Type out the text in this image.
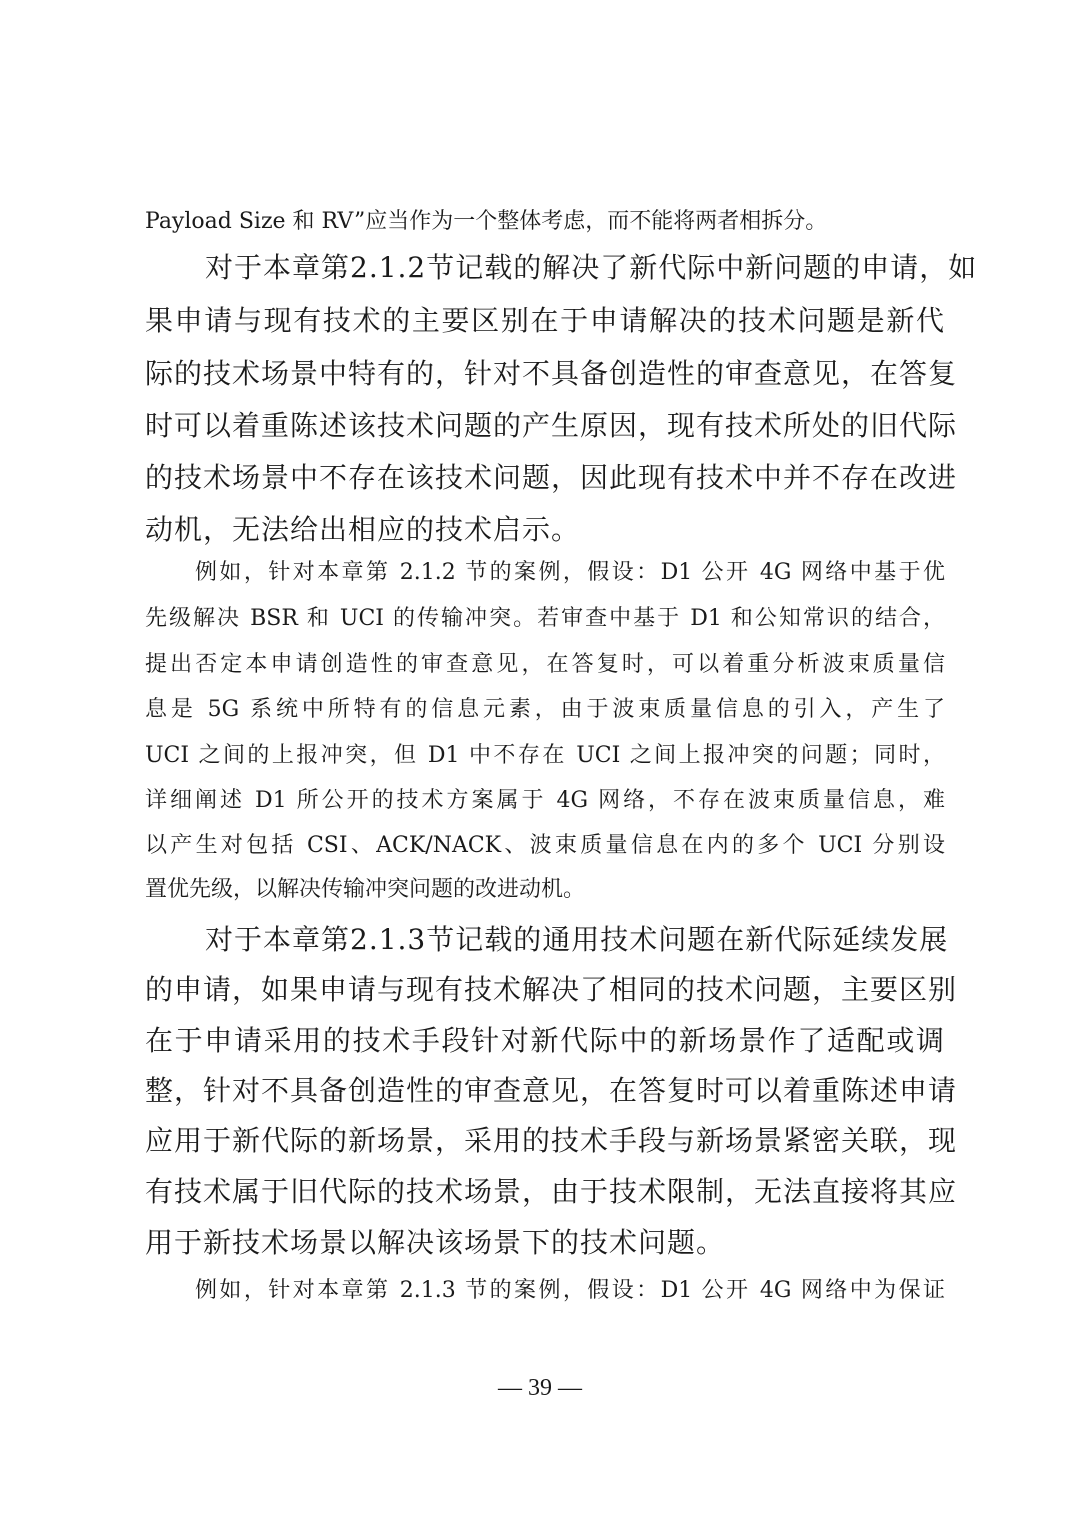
Payload Size 和 RV”应当作为一个整体考虑，而不能将两者相拆分。
对于本章第2.1.2节记载的解决了新代际中新问题的申请，如
果申请与现有技术的主要区别在于申请解决的技术问题是新代
际的技术场景中特有的，针对不具备创造性的审查意见，在答复
时可以着重陈述该技术问题的产生原因，现有技术所处的旧代际
的技术场景中不存在该技术问题，因此现有技术中并不存在改进
动机，无法给出相应的技术启示。
例如，针对本章第 2.1.2 节的案例，假设：D1 公开 4G 网络中基于优
先级解决 BSR 和 UCI 的传输冲突。若审查中基于 D1 和公知常识的结合，
提出否定本申请创造性的审查意见，在答复时，可以着重分析波束质量信
息是 5G 系统中所特有的信息元素，由于波束质量信息的引入，产生了
UCI 之间的上报冲突，但 D1 中不存在 UCI 之间上报冲突的问题；同时，
详细阐述 D1 所公开的技术方案属于 4G 网络，不存在波束质量信息，难
以产生对包括 CSI、ACK/NACK、波束质量信息在内的多个 UCI 分别设
置优先级，以解决传输冲突问题的改进动机。
对于本章第2.1.3节记载的通用技术问题在新代际延续发展
的申请，如果申请与现有技术解决了相同的技术问题，主要区别
在于申请采用的技术手段针对新代际中的新场景作了适配或调
整，针对不具备创造性的审查意见，在答复时可以着重陈述申请
应用于新代际的新场景，采用的技术手段与新场景紧密关联，现
有技术属于旧代际的技术场景，由于技术限制，无法直接将其应
用于新技术场景以解决该场景下的技术问题。
例如，针对本章第 2.1.3 节的案例，假设：D1 公开 4G 网络中为保证
— 39 —
